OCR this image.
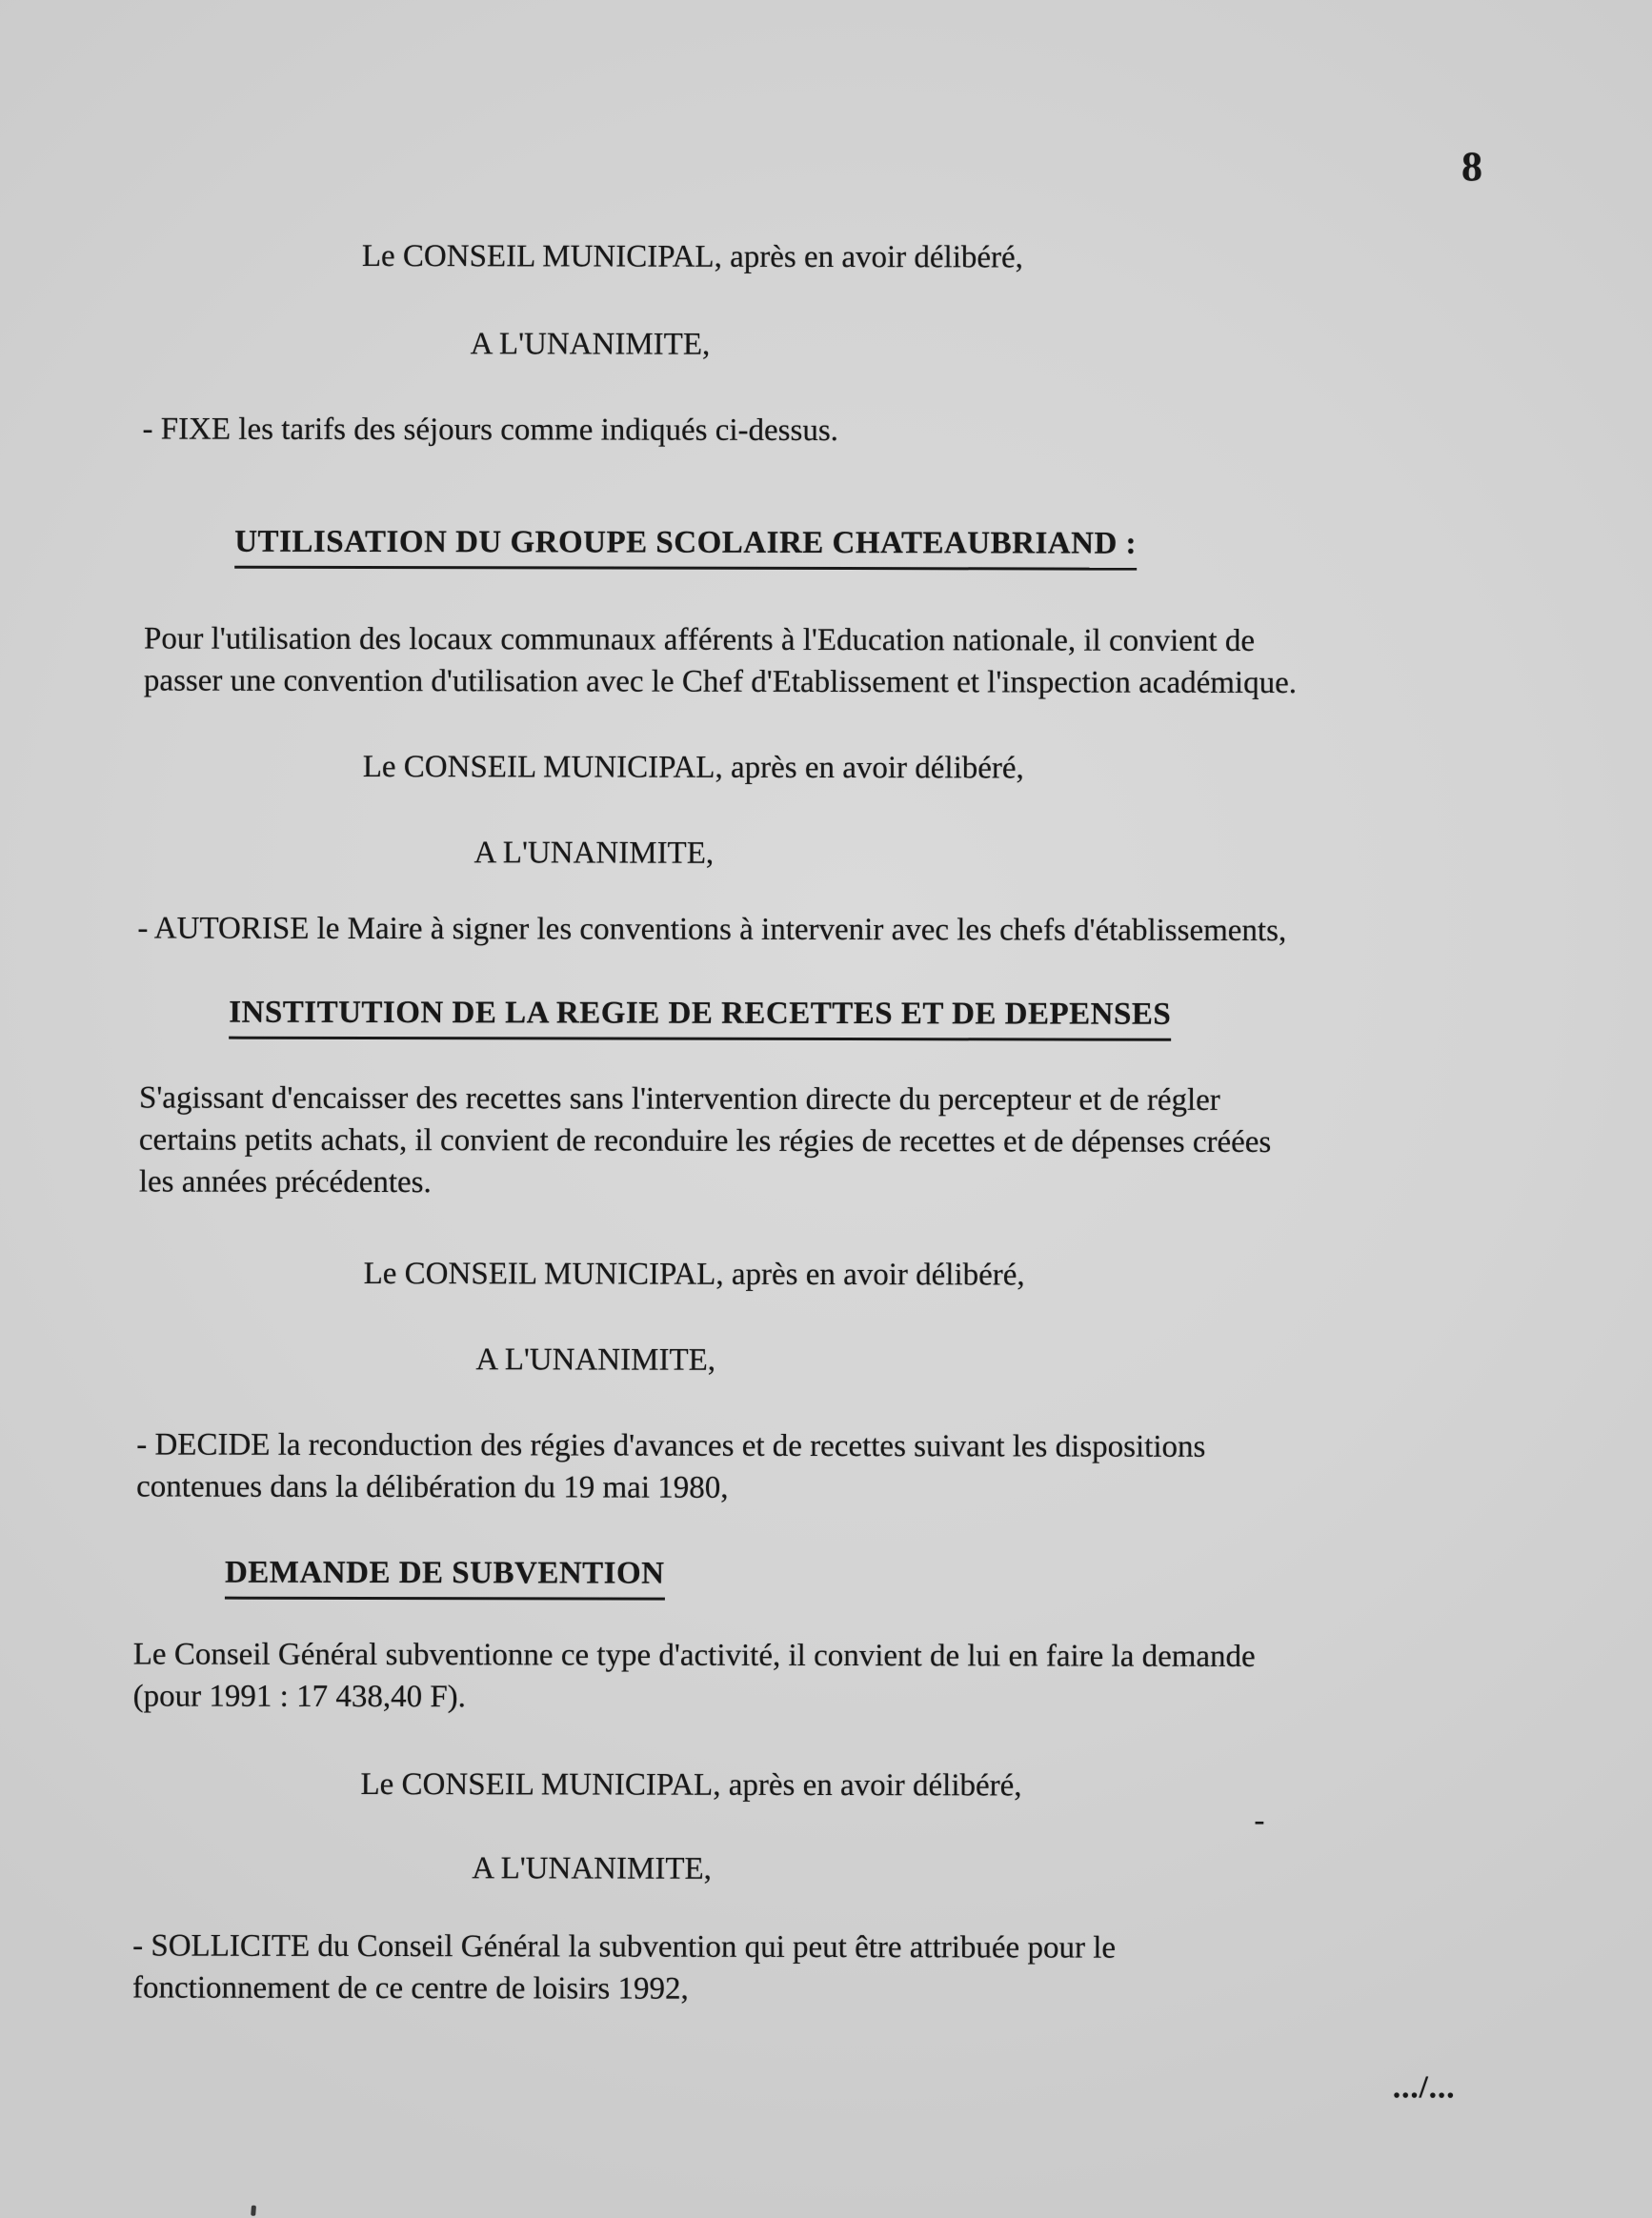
8
Le CONSEIL MUNICIPAL, après en avoir délibéré,
A L'UNANIMITE,
- FIXE les tarifs des séjours comme indiqués ci-dessus.
UTILISATION DU GROUPE SCOLAIRE CHATEAUBRIAND :
Pour l'utilisation des locaux communaux afférents à l'Education nationale, il convient de
passer une convention d'utilisation avec le Chef d'Etablissement et l'inspection académique.
Le CONSEIL MUNICIPAL, après en avoir délibéré,
A L'UNANIMITE,
- AUTORISE le Maire à signer les conventions à intervenir avec les chefs d'établissements,
INSTITUTION DE LA REGIE DE RECETTES ET DE DEPENSES
S'agissant d'encaisser des recettes sans l'intervention directe du percepteur et de régler
certains petits achats, il convient de reconduire les régies de recettes et de dépenses créées
les années précédentes.
Le CONSEIL MUNICIPAL, après en avoir délibéré,
A L'UNANIMITE,
- DECIDE la reconduction des régies d'avances et de recettes suivant les dispositions
contenues dans la délibération du 19 mai 1980,
DEMANDE DE SUBVENTION
Le Conseil Général subventionne ce type d'activité, il convient de lui en faire la demande
(pour 1991 : 17 438,40 F).
Le CONSEIL MUNICIPAL, après en avoir délibéré,
-
A L'UNANIMITE,
- SOLLICITE du Conseil Général la subvention qui peut être attribuée pour le
fonctionnement de ce centre de loisirs 1992,
.../...
